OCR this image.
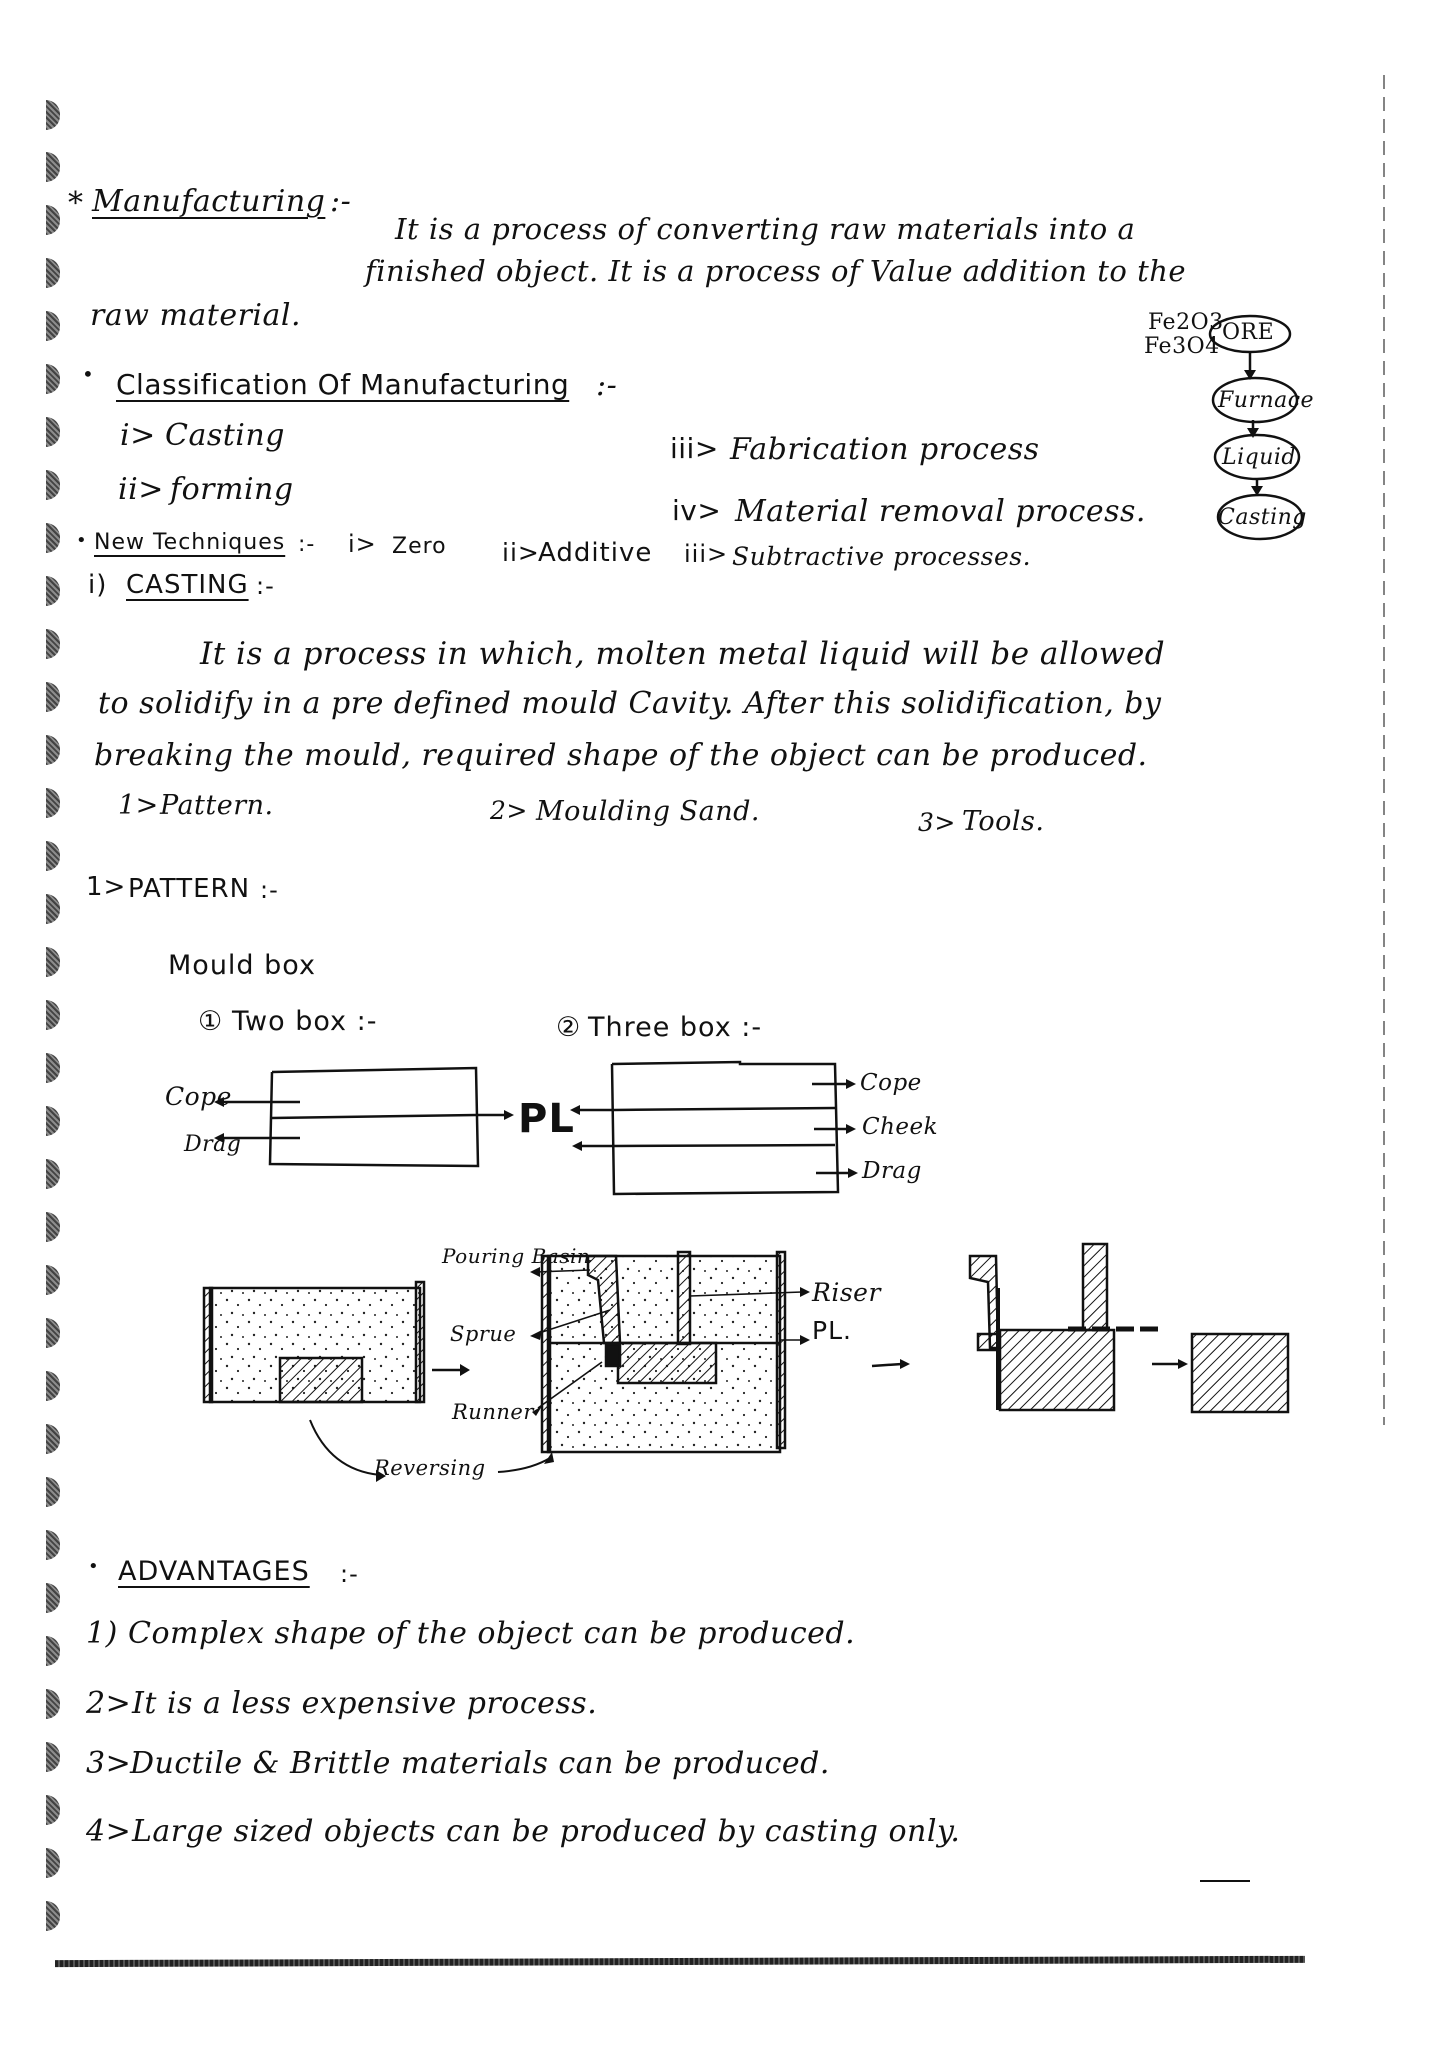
* Manufacturing :-
It is a process of converting raw materials into a
finished object. It is a process of Value addition to the
raw material.	Fe2O3
Fe3O4
ORE
Furnace
Liquid
Casting
• Classification Of Manufacturing :-
i> Casting
ii> forming
iii> Fabrication process
iv> Material removal process.
• New Techniques :- i> Zero ii>
Additive iii> Subtractive processes.
i) CASTING :-
It is a process in which, molten metal liquid will be allowed
to solidify in a pre defined mould Cavity. After this solidification, by
breaking the mould, required shape of the object can be produced.
1> Pattern.	2> Moulding Sand.	3> Tools.
1> PATTERN :-
Mould box
① Two box :-	② Three box :-
Cope
Drag
PL
Cope
Cheek
Drag
Pouring Basin
Sprue
Runner
Riser
PL.
Reversing
• ADVANTAGES :-
1) Complex shape of the object can be produced.
2> It is a less expensive process.
3>
Ductile & Brittle materials can be produced.
4> Large sized objects can be produced by casting only.
